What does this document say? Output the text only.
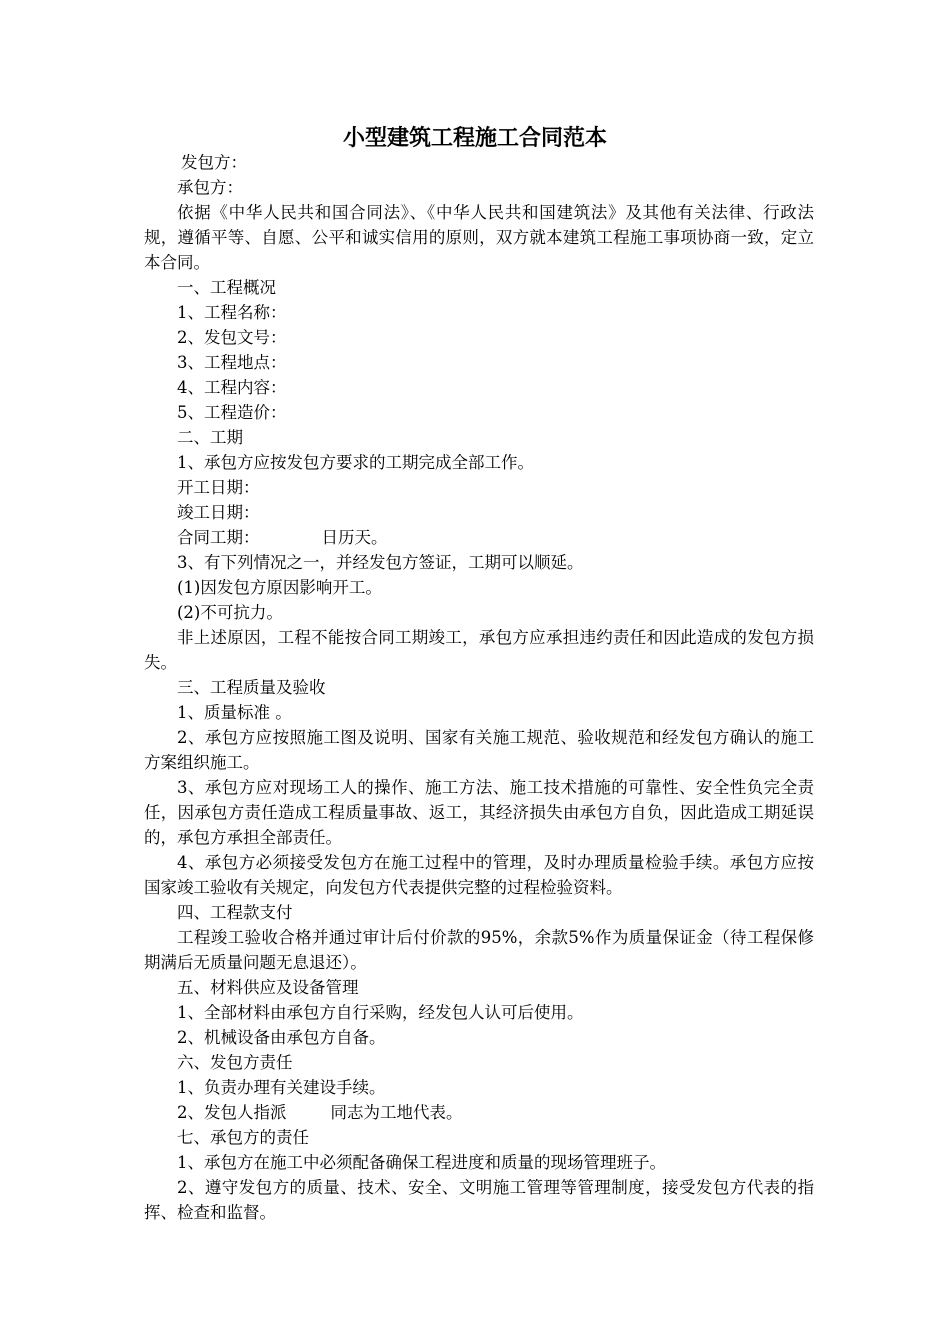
小型建筑工程施工合同范本

发包方：

承包方：

依据《中华人民共和国合同法》、《中华人民共和国建筑法》及其他有关法律、行政法规，遵循平等、自愿、公平和诚实信用的原则，双方就本建筑工程施工事项协商一致，定立本合同。

一、工程概况

1、工程名称：

2、发包文号：

3、工程地点：

4、工程内容：

5、工程造价：

二、工期

1、承包方应按发包方要求的工期完成全部工作。

开工日期：

竣工日期：

合同工期：	日历天。

3、有下列情况之一，并经发包方签证，工期可以顺延。

(1)因发包方原因影响开工。

(2)不可抗力。

非上述原因，工程不能按合同工期竣工，承包方应承担违约责任和因此造成的发包方损失。

三、工程质量及验收

1、质量标准 。

2、承包方应按照施工图及说明、国家有关施工规范、验收规范和经发包方确认的施工方案组织施工。

3、承包方应对现场工人的操作、施工方法、施工技术措施的可靠性、安全性负完全责任，因承包方责任造成工程质量事故、返工，其经济损失由承包方自负，因此造成工期延误的，承包方承担全部责任。

4、承包方必须接受发包方在施工过程中的管理，及时办理质量检验手续。承包方应按国家竣工验收有关规定，向发包方代表提供完整的过程检验资料。

四、工程款支付

工程竣工验收合格并通过审计后付价款的95%，余款5%作为质量保证金（待工程保修期满后无质量问题无息退还）。

五、材料供应及设备管理

1、全部材料由承包方自行采购，经发包人认可后使用。

2、机械设备由承包方自备。

六、发包方责任

1、负责办理有关建设手续。

2、发包人指派	同志为工地代表。

七、承包方的责任

1、承包方在施工中必须配备确保工程进度和质量的现场管理班子。

2、遵守发包方的质量、技术、安全、文明施工管理等管理制度，接受发包方代表的指挥、检查和监督。
